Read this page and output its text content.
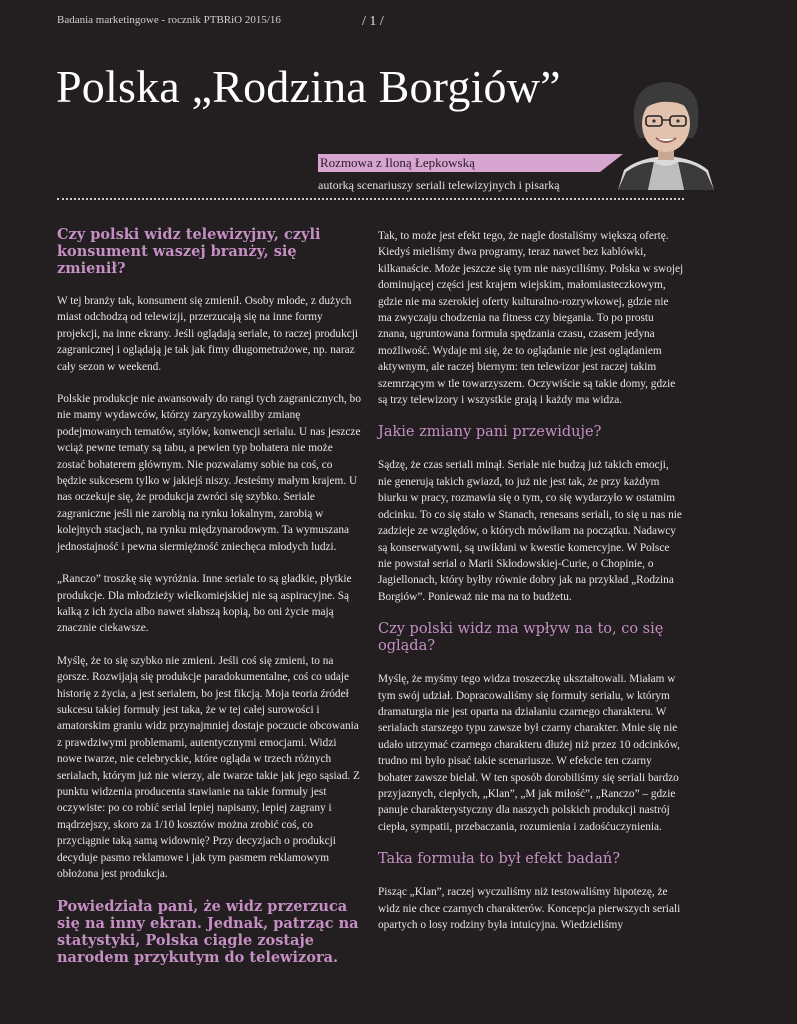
Badania marketingowe - rocznik PTBRiO 2015/16	/ 1 /
Polska „Rodzina Borgiów”
Rozmowa z Iloną Łepkowską
autorką scenariuszy seriali telewizyjnych i pisarką
Czy polski widz telewizyjny, czyli konsument waszej branży, się zmienił?

W tej branży tak, konsument się zmienił. Osoby młode, z dużych miast odchodzą od telewizji, przerzucają się na inne formy projekcji, na inne ekrany. Jeśli oglądają seriale, to raczej produkcji zagranicznej i oglądają je tak jak fimy długometrażowe, np. naraz cały sezon w weekend.

Polskie produkcje nie awansowały do rangi tych zagranicznych, bo nie mamy wydawców, którzy zaryzykowaliby zmianę podejmowanych tematów, stylów, konwencji serialu. U nas jeszcze wciąż pewne tematy są tabu, a pewien typ bohatera nie może zostać bohaterem głównym. Nie pozwalamy sobie na coś, co będzie sukcesem tylko w jakiejś niszy. Jesteśmy małym krajem. U nas oczekuje się, że produkcja zwróci się szybko. Seriale zagraniczne jeśli nie zarobią na rynku lokalnym, zarobią w kolejnych stacjach, na rynku międzynarodowym. Ta wymuszana jednostajność i pewna siermiężność zniechęca młodych ludzi.

„Ranczo” troszkę się wyróżnia. Inne seriale to są gładkie, płytkie produkcje. Dla młodzieży wielkomiejskiej nie są aspiracyjne. Są kalką z ich życia albo nawet słabszą kopią, bo oni życie mają znacznie ciekawsze.

Myślę, że to się szybko nie zmieni. Jeśli coś się zmieni, to na gorsze. Rozwijają się produkcje paradokumentalne, coś co udaje historię z życia, a jest serialem, bo jest fikcją. Moja teoria źródeł sukcesu takiej formuły jest taka, że w tej całej surowości i amatorskim graniu widz przynajmniej dostaje poczucie obcowania z prawdziwymi problemami, autentycznymi emocjami. Widzi nowe twarze, nie celebryckie, które ogląda w trzech różnych serialach, którym już nie wierzy, ale twarze takie jak jego sąsiad. Z punktu widzenia producenta stawianie na takie formuły jest oczywiste: po co robić serial lepiej napisany, lepiej zagrany i mądrzejszy, skoro za 1/10 kosztów można zrobić coś, co przyciągnie taką samą widownię? Przy decyzjach o produkcji decyduje pasmo reklamowe i jak tym pasmem reklamowym obłożona jest produkcja.

Powiedziała pani, że widz przerzuca się na inny ekran. Jednak, patrząc na statystyki, Polska ciągle zostaje narodem przykutym do telewizora.

Tak, to może jest efekt tego, że nagle dostaliśmy większą ofertę. Kiedyś mieliśmy dwa programy, teraz nawet bez kablówki, kilkanaście. Może jeszcze się tym nie nasyciliśmy. Polska w swojej dominującej części jest krajem wiejskim, małomiasteczkowym, gdzie nie ma szerokiej oferty kulturalno-rozrywkowej, gdzie nie ma zwyczaju chodzenia na fitness czy biegania. To po prostu znana, ugruntowana formuła spędzania czasu, czasem jedyna możliwość. Wydaje mi się, że to oglądanie nie jest oglądaniem aktywnym, ale raczej biernym: ten telewizor jest raczej takim szemrzącym w tle towarzyszem. Oczywiście są takie domy, gdzie są trzy telewizory i wszystkie grają i każdy ma widza.

Jakie zmiany pani przewiduje?

Sądzę, że czas seriali minął. Seriale nie budzą już takich emocji, nie generują takich gwiazd, to już nie jest tak, że przy każdym biurku w pracy, rozmawia się o tym, co się wydarzyło w ostatnim odcinku. To co się stało w Stanach, renesans seriali, to się u nas nie zadzieje ze względów, o których mówiłam na początku. Nadawcy są konserwatywni, są uwikłani w kwestie komercyjne. W Polsce nie powstał serial o Marii Skłodowskiej-Curie, o Chopinie, o Jagiellonach, który byłby równie dobry jak na przykład „Rodzina Borgiów”. Ponieważ nie ma na to budżetu.

Czy polski widz ma wpływ na to, co się ogląda?

Myślę, że myśmy tego widza troszeczkę ukształtowali. Miałam w tym swój udział. Dopracowaliśmy się formuły serialu, w którym dramaturgia nie jest oparta na działaniu czarnego charakteru. W serialach starszego typu zawsze był czarny charakter. Mnie się nie udało utrzymać czarnego charakteru dłużej niż przez 10 odcinków, trudno mi było pisać takie scenariusze. W efekcie ten czarny bohater zawsze bielał. W ten sposób dorobiliśmy się seriali bardzo przyjaznych, ciepłych, „Klan”, „M jak miłość”, „Ranczo” – gdzie panuje charakterystyczny dla naszych polskich produkcji nastrój ciepła, sympatii, przebaczania, rozumienia i zadośćuczynienia.

Taka formuła to był efekt badań?

Pisząc „Klan”, raczej wyczuliśmy niż testowaliśmy hipotezę, że widz nie chce czarnych charakterów. Koncepcja pierwszych seriali opartych o losy rodziny była intuicyjna. Wiedzieliśmy
